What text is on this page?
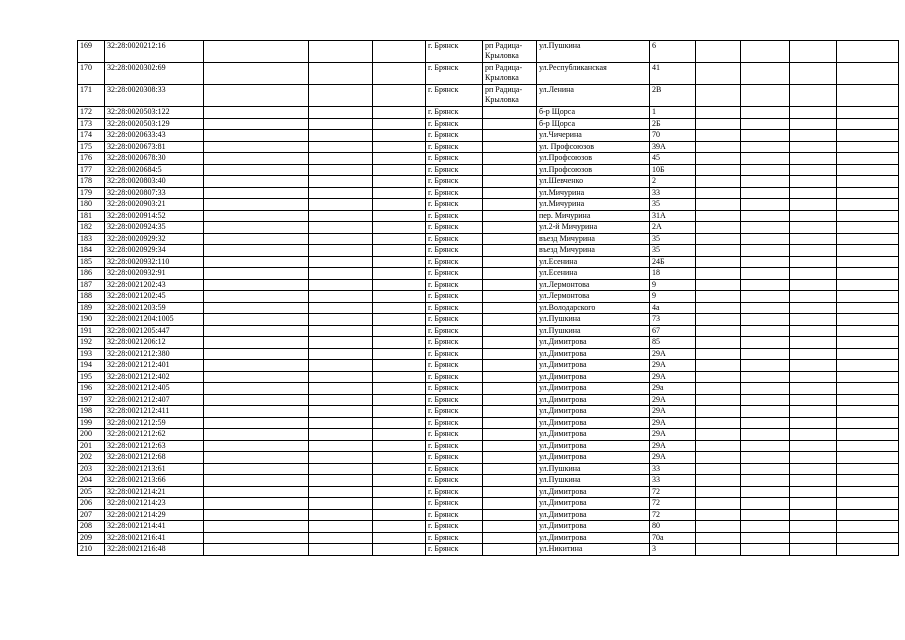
169	32:28:0020212:16				г. Брянск	рп Радица-Крыловка	ул.Пушкина	6				
170	32:28:0020302:69				г. Брянск	рп Радица-Крыловка	ул.Республиканская	41				
171	32:28:0020308:33				г. Брянск	рп Радица-Крыловка	ул.Ленина	2В				
172	32:28:0020503:122				г. Брянск		б-р Щорса	1				
173	32:28:0020503:129				г. Брянск		б-р Щорса	2Б				
174	32:28:0020633:43				г. Брянск		ул.Чичерина	70				
175	32:28:0020673:81				г. Брянск		ул. Профсоюзов	39А				
176	32:28:0020678:30				г. Брянск		ул.Профсоюзов	45				
177	32:28:0020684:5				г. Брянск		ул.Профсоюзов	10Б				
178	32:28:0020803:40				г. Брянск		ул.Шевченко	2				
179	32:28:0020807:33				г. Брянск		ул.Мичурина	33				
180	32:28:0020903:21				г. Брянск		ул.Мичурина	35				
181	32:28:0020914:52				г. Брянск		пер. Мичурина	31А				
182	32:28:0020924:35				г. Брянск		ул.2-й Мичурина	2А				
183	32:28:0020929:32				г. Брянск		въезд Мичурина	35				
184	32:28:0020929:34				г. Брянск		въезд Мичурина	35				
185	32:28:0020932:110				г. Брянск		ул.Есенина	24Б				
186	32:28:0020932:91				г. Брянск		ул.Есенина	18				
187	32:28:0021202:43				г. Брянск		ул.Лермонтова	9				
188	32:28:0021202:45				г. Брянск		ул.Лермонтова	9				
189	32:28:0021203:59				г. Брянск		ул.Володарского	4а				
190	32:28:0021204:1005				г. Брянск		ул.Пушкина	73				
191	32:28:0021205:447				г. Брянск		ул.Пушкина	67				
192	32:28:0021206:12				г. Брянск		ул.Димитрова	85				
193	32:28:0021212:380				г. Брянск		ул.Димитрова	29А				
194	32:28:0021212:401				г. Брянск		ул.Димитрова	29А				
195	32:28:0021212:402				г. Брянск		ул.Димитрова	29А				
196	32:28:0021212:405				г. Брянск		ул.Димитрова	29а				
197	32:28:0021212:407				г. Брянск		ул.Димитрова	29А				
198	32:28:0021212:411				г. Брянск		ул.Димитрова	29А				
199	32:28:0021212:59				г. Брянск		ул.Димитрова	29А				
200	32:28:0021212:62				г. Брянск		ул.Димитрова	29А				
201	32:28:0021212:63				г. Брянск		ул.Димитрова	29А				
202	32:28:0021212:68				г. Брянск		ул.Димитрова	29А				
203	32:28:0021213:61				г. Брянск		ул.Пушкина	33				
204	32:28:0021213:66				г. Брянск		ул.Пушкина	33				
205	32:28:0021214:21				г. Брянск		ул.Димитрова	72				
206	32:28:0021214:23				г. Брянск		ул.Димитрова	72				
207	32:28:0021214:29				г. Брянск		ул.Димитрова	72				
208	32:28:0021214:41				г. Брянск		ул.Димитрова	80				
209	32:28:0021216:41				г. Брянск		ул.Димитрова	70а				
210	32:28:0021216:48				г. Брянск		ул.Никитина	3				
